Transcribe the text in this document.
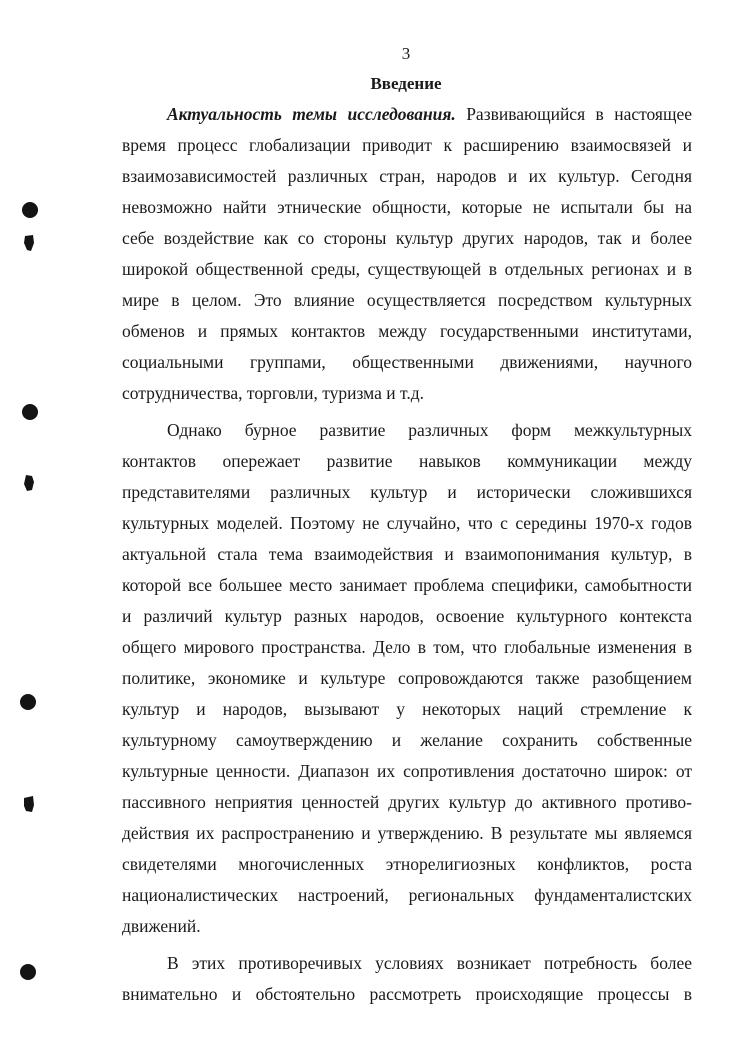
3
Введение
Актуальность темы исследования. Развивающийся в настоящее
время процесс глобализации приводит к расширению взаимосвязей и
взаимозависимостей различных стран, народов и их культур. Сегодня
невозможно найти этнические общности, которые не испытали бы на
себе воздействие как со стороны культур других народов, так и более
широкой общественной среды, существующей в отдельных регионах и в
мире в целом. Это влияние осуществляется посредством культурных
обменов и прямых контактов между государственными институтами,
социальными группами, общественными движениями, научного
сотрудничества, торговли, туризма и т.д.
Однако бурное развитие различных форм межкультурных
контактов опережает развитие навыков коммуникации между
представителями различных культур и исторически сложившихся
культурных моделей. Поэтому не случайно, что с середины 1970-х годов
актуальной стала тема взаимодействия и взаимопонимания культур, в
которой все большее место занимает проблема специфики, самобытности
и различий культур разных народов, освоение культурного контекста
общего мирового пространства. Дело в том, что глобальные изменения в
политике, экономике и культуре сопровождаются также разобщением
культур и народов, вызывают у некоторых наций стремление к
культурному самоутверждению и желание сохранить собственные
культурные ценности. Диапазон их сопротивления достаточно широк: от
пассивного неприятия ценностей других культур до активного противо-
действия их распространению и утверждению. В результате мы являемся
свидетелями многочисленных этнорелигиозных конфликтов, роста
националистических настроений, региональных фундаменталистских
движений.
В этих противоречивых условиях возникает потребность более
внимательно и обстоятельно рассмотреть происходящие процессы в
